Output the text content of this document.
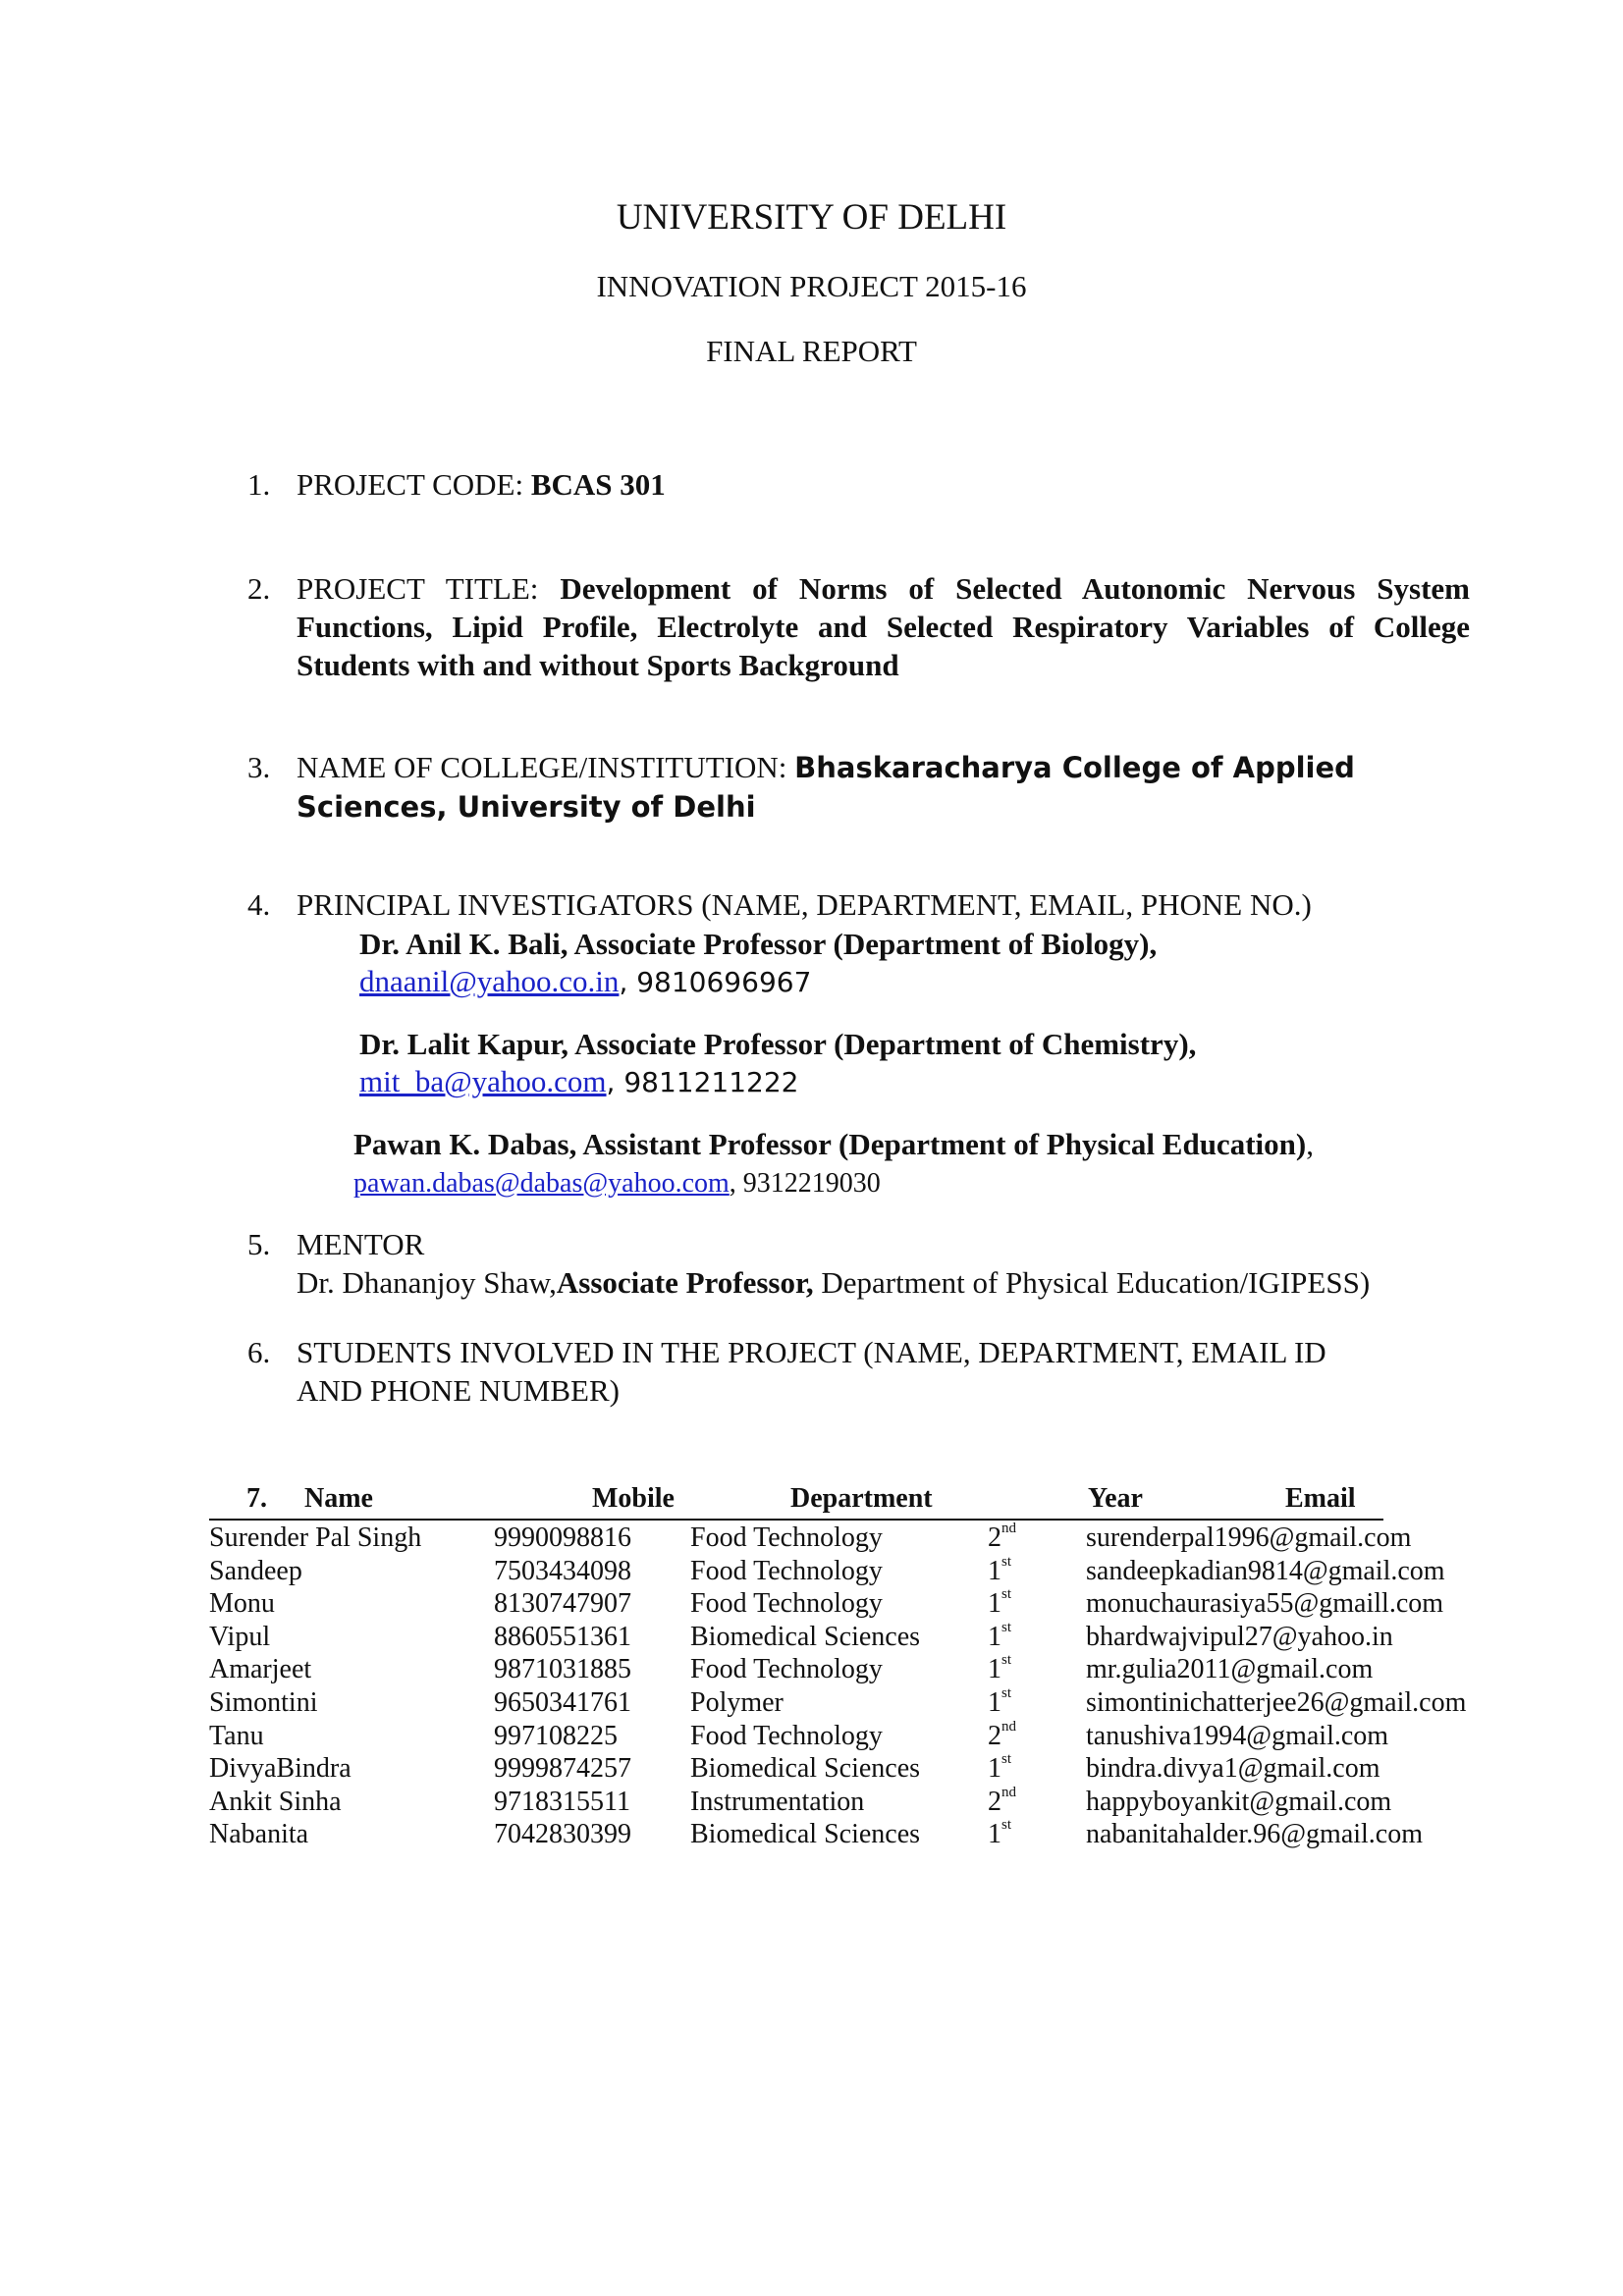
UNIVERSITY OF DELHI
INNOVATION PROJECT 2015-16
FINAL REPORT
1. PROJECT CODE: BCAS 301
2. PROJECT TITLE: Development of Norms of Selected Autonomic Nervous System
Functions, Lipid Profile, Electrolyte and Selected Respiratory Variables of College
Students with and without Sports Background
3. NAME OF COLLEGE/INSTITUTION: Bhaskaracharya College of Applied
Sciences, University of Delhi
4. PRINCIPAL INVESTIGATORS (NAME, DEPARTMENT, EMAIL, PHONE NO.)
Dr. Anil K. Bali, Associate Professor (Department of Biology),
dnaanil@yahoo.co.in, 9810696967
Dr. Lalit Kapur, Associate Professor (Department of Chemistry),
mit_ba@yahoo.com, 9811211222
Pawan K. Dabas, Assistant Professor (Department of Physical Education),
pawan.dabas@dabas@yahoo.com, 9312219030
5. MENTOR
Dr. Dhananjoy Shaw,Associate Professor, Department of Physical Education/IGIPESS)
6. STUDENTS INVOLVED IN THE PROJECT (NAME, DEPARTMENT, EMAIL ID
AND PHONE NUMBER)
7. Name	Mobile	Department	Year	Email
Surender Pal Singh	9990098816 Food Technology	2nd	surenderpal1996@gmail.com
Sandeep	7503434098 Food Technology	1st	sandeepkadian9814@gmail.com
Monu	8130747907 Food Technology	1st	monuchaurasiya55@gmaill.com
Vipul	8860551361 Biomedical Sciences 1st	bhardwajvipul27@yahoo.in
Amarjeet	9871031885 Food Technology	1st	mr.gulia2011@gmail.com
Simontini	9650341761 Polymer	1st	simontinichatterjee26@gmail.com
Tanu	997108225	Food Technology	2nd	tanushiva1994@gmail.com
DivyaBindra	9999874257 Biomedical Sciences 1st	bindra.divya1@gmail.com
Ankit Sinha	9718315511 Instrumentation	2nd	happyboyankit@gmail.com
Nabanita	7042830399 Biomedical Sciences 1st	nabanitahalder.96@gmail.com
